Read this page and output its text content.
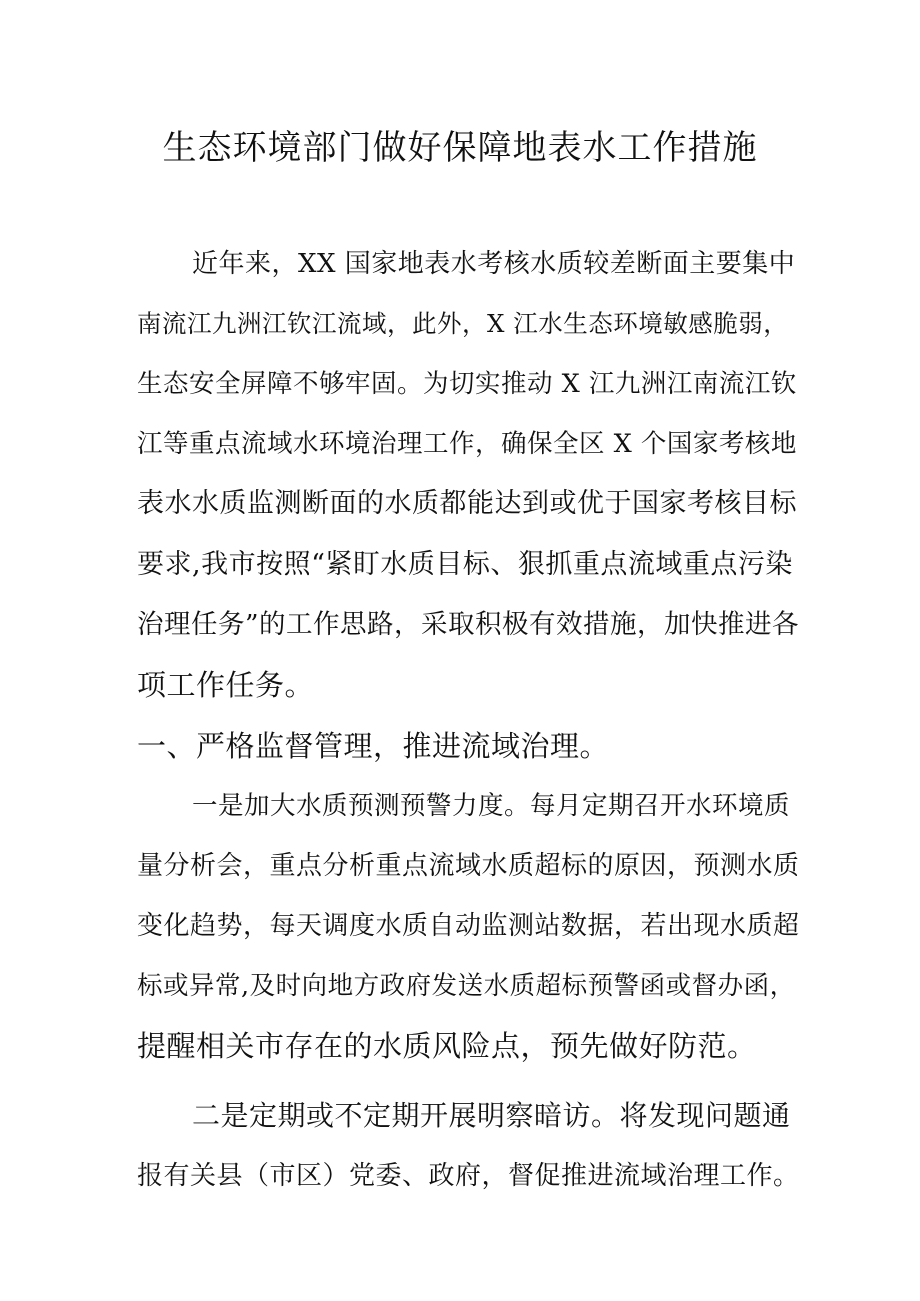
生态环境部门做好保障地表水工作措施

近年来，XX 国家地表水考核水质较差断面主要集中

南流江九洲江钦江流域，此外，X 江水生态环境敏感脆弱，

生态安全屏障不够牢固。为切实推动 X 江九洲江南流江钦

江等重点流域水环境治理工作，确保全区 X 个国家考核地

表水水质监测断面的水质都能达到或优于国家考核目标

要求,我市按照“紧盯水质目标、狠抓重点流域重点污染

治理任务”的工作思路，采取积极有效措施，加快推进各

项工作任务。

一、严格监督管理，推进流域治理。

一是加大水质预测预警力度。每月定期召开水环境质

量分析会，重点分析重点流域水质超标的原因，预测水质

变化趋势，每天调度水质自动监测站数据，若出现水质超

标或异常,及时向地方政府发送水质超标预警函或督办函，

提醒相关市存在的水质风险点，预先做好防范。

二是定期或不定期开展明察暗访。将发现问题通

报有关县（市区）党委、政府，督促推进流域治理工作。
